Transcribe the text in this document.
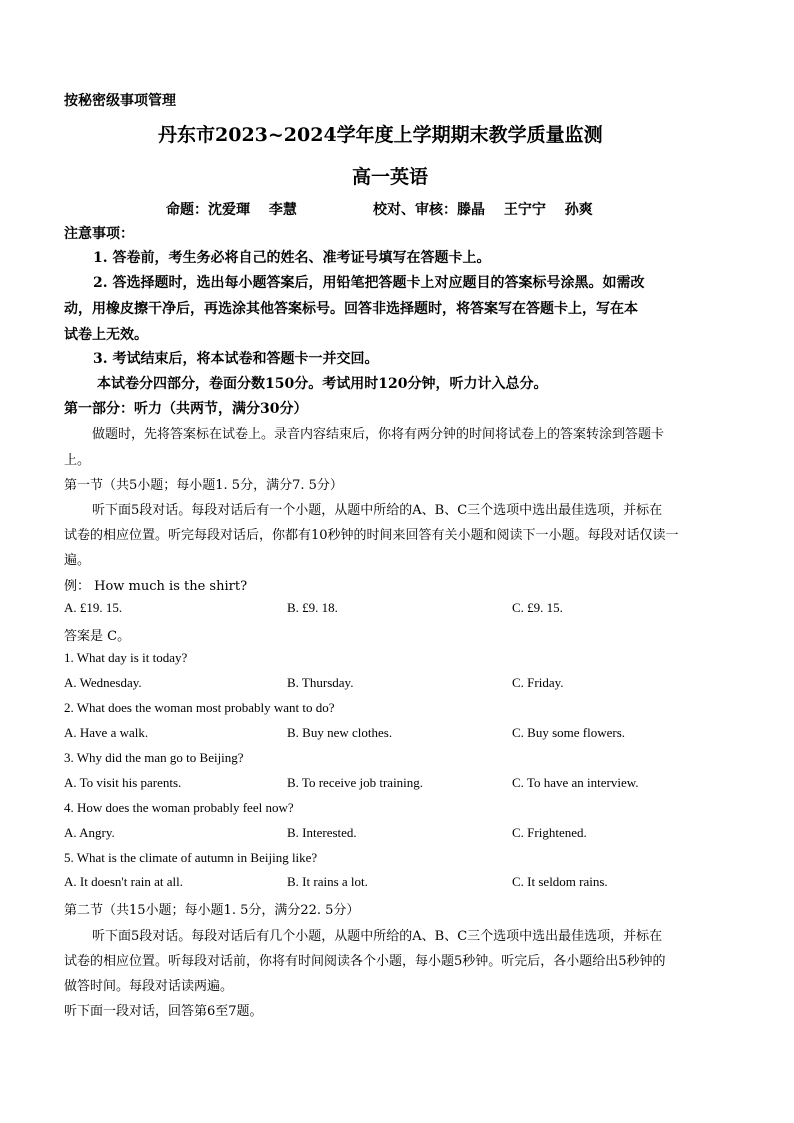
按秘密级事项管理
丹东市2023~2024学年度上学期期末教学质量监测
高一英语
命题：沈爱琿　 李慧	校对、审核：滕晶　 王宁宁　 孙爽
注意事项：
1. 答卷前，考生务必将自己的姓名、准考证号填写在答题卡上。
2. 答选择题时，选出每小题答案后，用铅笔把答题卡上对应题目的答案标号涂黑。如需改
动，用橡皮擦干净后，再选涂其他答案标号。回答非选择题时，将答案写在答题卡上，写在本
试卷上无效。
3. 考试结束后，将本试卷和答题卡一并交回。
本试卷分四部分，卷面分数150分。考试用时120分钟，听力计入总分。
第一部分：听力（共两节，满分30分）
做题时，先将答案标在试卷上。录音内容结束后，你将有两分钟的时间将试卷上的答案转涂到答题卡
上。
第一节（共5小题；每小题1. 5分，满分7. 5分）
听下面5段对话。每段对话后有一个小题，从题中所给的A、B、C三个选项中选出最佳选项，并标在
试卷的相应位置。听完每段对话后，你都有10秒钟的时间来回答有关小题和阅读下一小题。每段对话仅读一
遍。
例： How much is the shirt?
A. £19. 15.	B. £9. 18.	C. £9. 15.
答案是 C。
1. What day is it today?
A. Wednesday.	B. Thursday.	C. Friday.
2. What does the woman most probably want to do?
A. Have a walk.	B. Buy new clothes.	C. Buy some flowers.
3. Why did the man go to Beijing?
A. To visit his parents.	B. To receive job training.	C. To have an interview.
4. How does the woman probably feel now?
A. Angry.	B. Interested.	C. Frightened.
5. What is the climate of autumn in Beijing like?
A. It doesn't rain at all.	B. It rains a lot.	C. It seldom rains.
第二节（共15小题；每小题1. 5分，满分22. 5分）
听下面5段对话。每段对话后有几个小题，从题中所给的A、B、C三个选项中选出最佳选项，并标在
试卷的相应位置。听每段对话前，你将有时间阅读各个小题，每小题5秒钟。听完后，各小题给出5秒钟的
做答时间。每段对话读两遍。
听下面一段对话，回答第6至7题。
